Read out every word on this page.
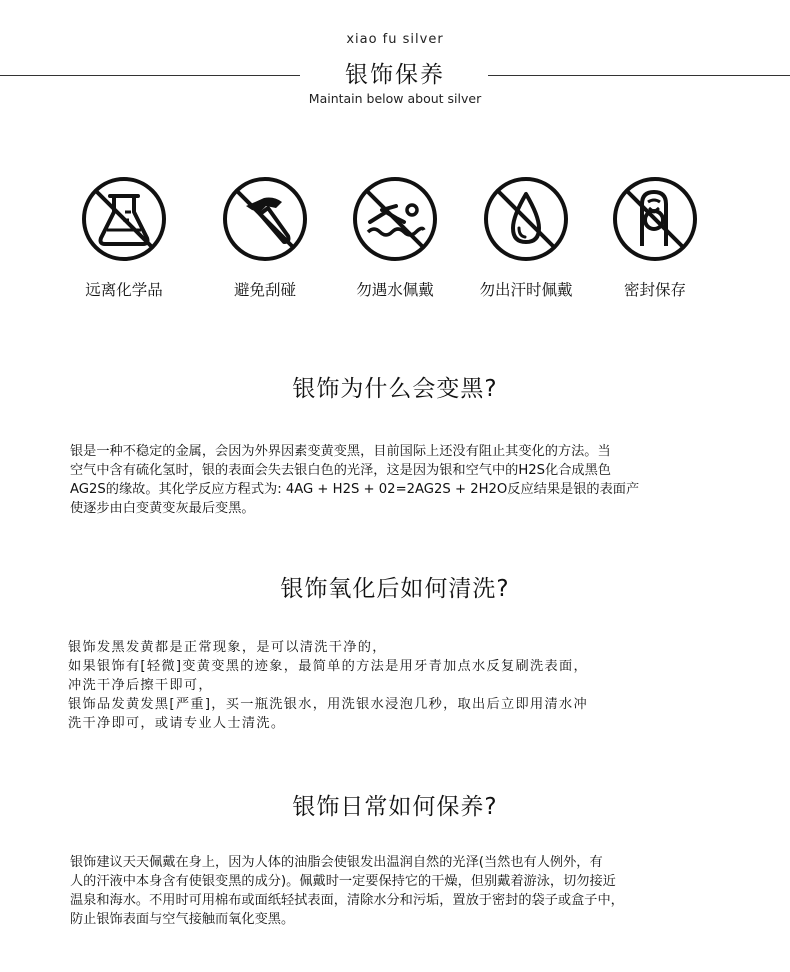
xiao fu silver
银饰保养
Maintain below about silver
远离化学品	避免刮碰	勿遇水佩戴	勿出汗时佩戴	密封保存
银饰为什么会变黑?
银是一种不稳定的金属，会因为外界因素变黄变黑，目前国际上还没有阻止其变化的方法。当
空气中含有硫化氢时，银的表面会失去银白色的光泽，这是因为银和空气中的H2S化合成黑色
AG2S的缘故。其化学反应方程式为: 4AG + H2S + 02=2AG2S + 2H2O反应结果是银的表面产
使逐步由白变黄变灰最后变黑。
银饰氧化后如何清洗?
银饰发黑发黄都是正常现象，是可以清洗干净的，
如果银饰有[轻微]变黄变黑的迹象，最简单的方法是用牙青加点水反复刷洗表面，
冲洗干净后擦干即可，
银饰品发黄发黑[严重]，买一瓶洗银水，用洗银水浸泡几秒，取出后立即用清水冲
洗干净即可，或请专业人士清洗。
银饰日常如何保养?
银饰建议天天佩戴在身上，因为人体的油脂会使银发出温润自然的光泽(当然也有人例外，有
人的汗液中本身含有使银变黑的成分)。佩戴时一定要保持它的干燥，但别戴着游泳，切勿接近
温泉和海水。不用时可用棉布或面纸轻拭表面，清除水分和污垢，置放于密封的袋子或盒子中，
防止银饰表面与空气接触而氧化变黑。
